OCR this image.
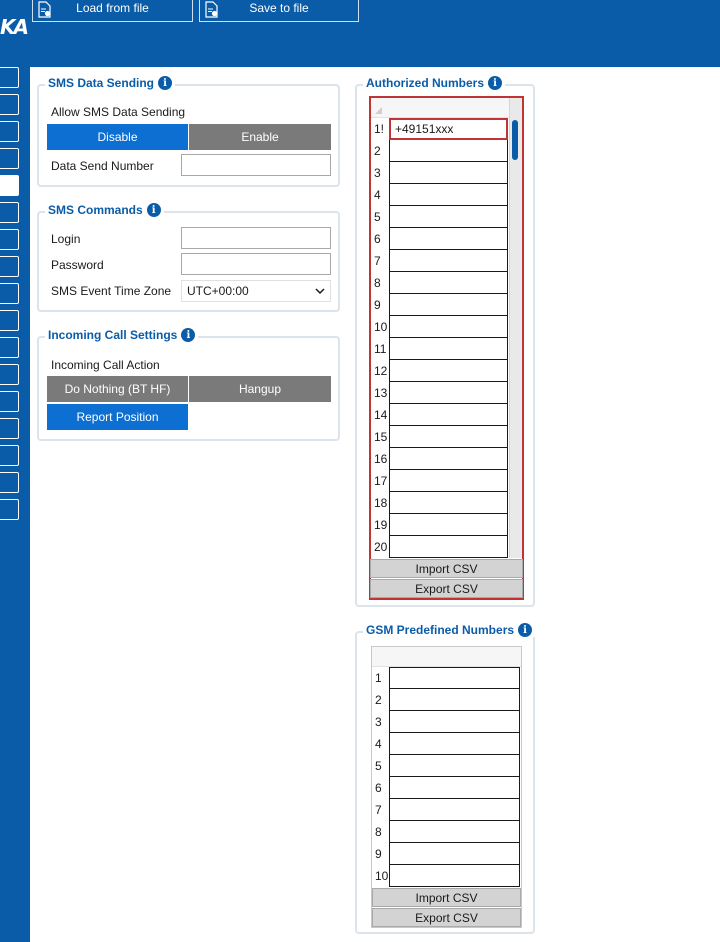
KA
Load from file	Save to file
SMS Data Sending i
Allow SMS Data Sending
Disable	Enable
Data Send Number
SMS Commands i
Login
Password
SMS Event Time Zone UTC+00:00
Incoming Call Settings i
Incoming Call Action
Do Nothing (BT HF)	Hangup
Report Position
Authorized Numbers i
1! +49151xxx
2
3
4
5
6
7
8
9
10
11
12
13
14
15
16
17
18
19
20
Import CSV
Export CSV
GSM Predefined Numbers i
1
2
3
4
5
6
7
8
9
10
Import CSV
Export CSV
